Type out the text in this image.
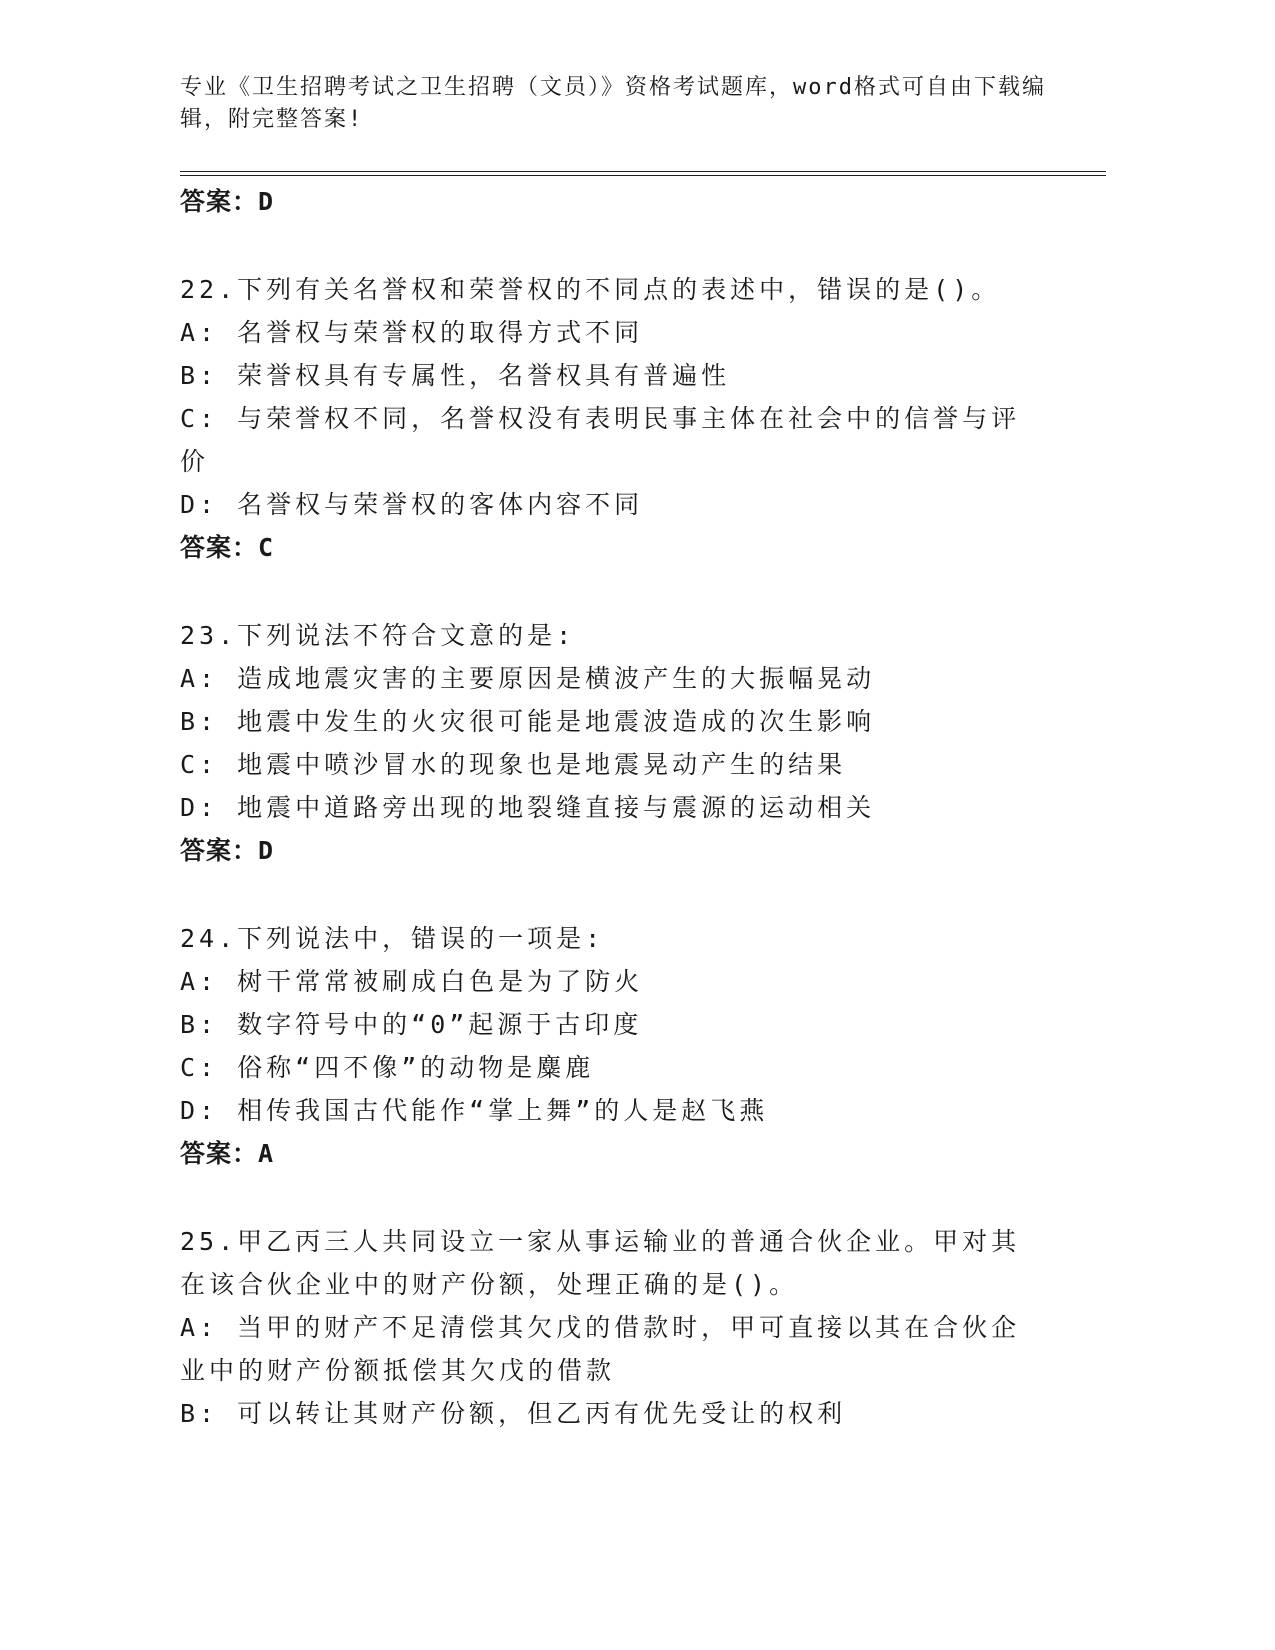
专业《卫生招聘考试之卫生招聘（文员）》资格考试题库，word格式可自由下载编辑，附完整答案!
答案：D
22.下列有关名誉权和荣誉权的不同点的表述中，错误的是()。
A: 名誉权与荣誉权的取得方式不同
B: 荣誉权具有专属性，名誉权具有普遍性
C: 与荣誉权不同，名誉权没有表明民事主体在社会中的信誉与评价
D: 名誉权与荣誉权的客体内容不同
答案：C
23.下列说法不符合文意的是:
A: 造成地震灾害的主要原因是横波产生的大振幅晃动
B: 地震中发生的火灾很可能是地震波造成的次生影响
C: 地震中喷沙冒水的现象也是地震晃动产生的结果
D: 地震中道路旁出现的地裂缝直接与震源的运动相关
答案：D
24.下列说法中，错误的一项是:
A: 树干常常被刷成白色是为了防火
B: 数字符号中的“0”起源于古印度
C: 俗称“四不像”的动物是麋鹿
D: 相传我国古代能作“掌上舞”的人是赵飞燕
答案：A
25.甲乙丙三人共同设立一家从事运输业的普通合伙企业。甲对其在该合伙企业中的财产份额，处理正确的是()。
A: 当甲的财产不足清偿其欠戊的借款时，甲可直接以其在合伙企业中的财产份额抵偿其欠戊的借款
B: 可以转让其财产份额，但乙丙有优先受让的权利
